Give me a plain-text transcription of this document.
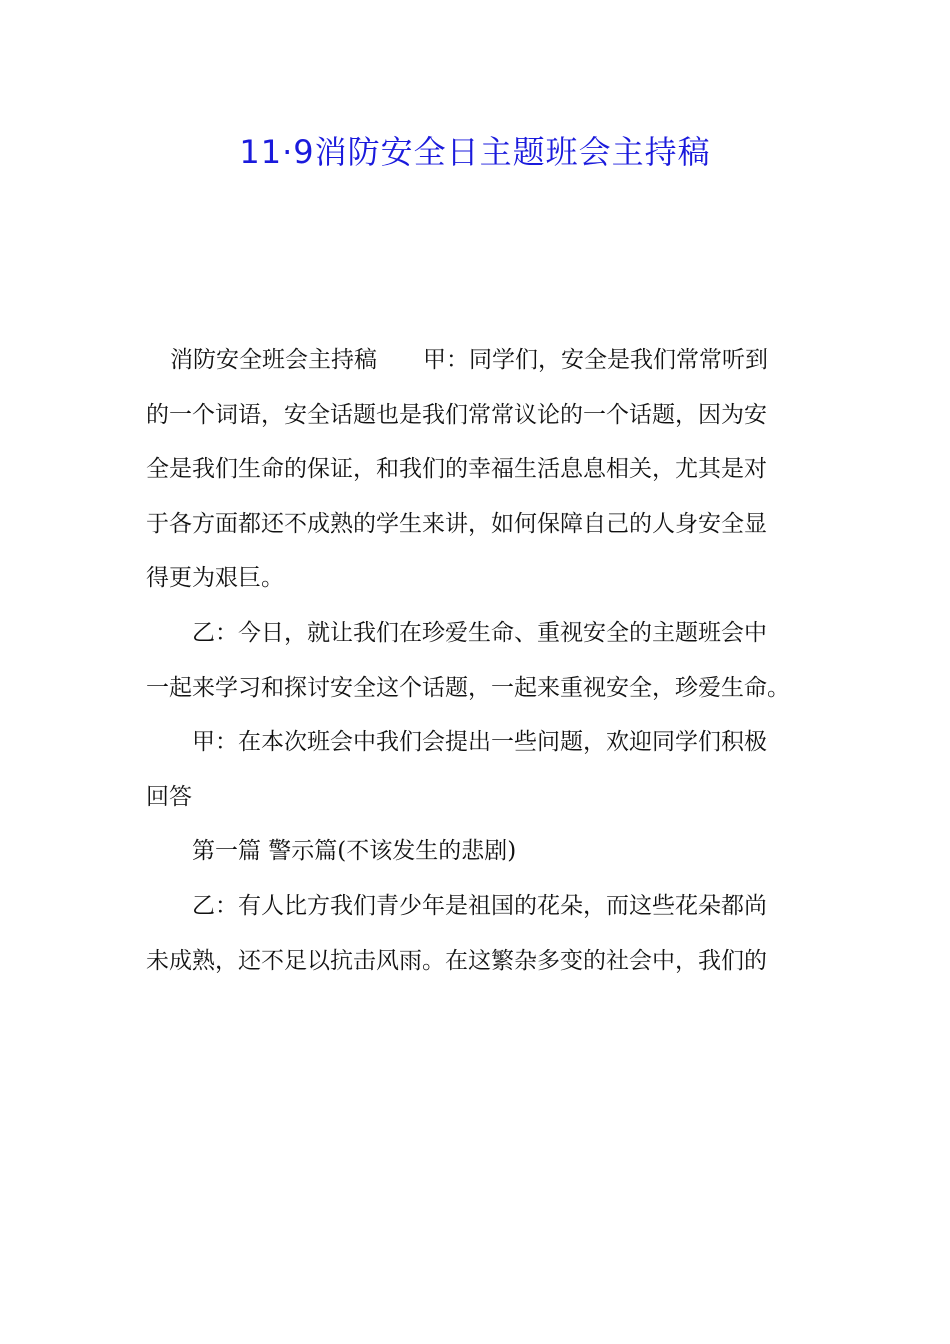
11·9消防安全日主题班会主持稿
消防安全班会主持稿　　甲：同学们，安全是我们常常听到
的一个词语，安全话题也是我们常常议论的一个话题，因为安
全是我们生命的保证，和我们的幸福生活息息相关，尤其是对
于各方面都还不成熟的学生来讲，如何保障自己的人身安全显
得更为艰巨。
乙：今日，就让我们在珍爱生命、重视安全的主题班会中
一起来学习和探讨安全这个话题，一起来重视安全，珍爱生命。
甲：在本次班会中我们会提出一些问题，欢迎同学们积极
回答
第一篇 警示篇(不该发生的悲剧)
乙：有人比方我们青少年是祖国的花朵，而这些花朵都尚
未成熟，还不足以抗击风雨。在这繁杂多变的社会中，我们的
